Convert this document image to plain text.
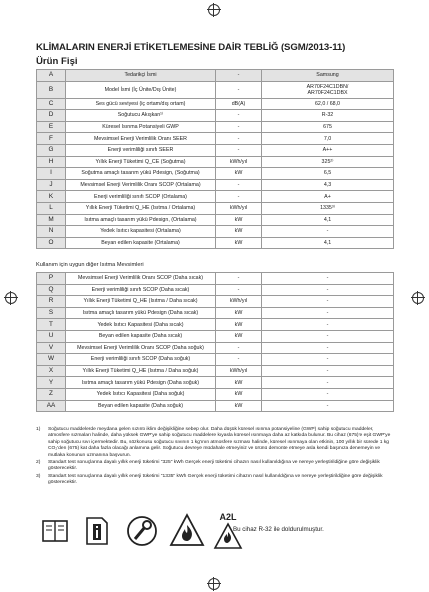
KLİMALARIN ENERJİ ETİKETLEMESİNE DAİR TEBLİĞ (SGM/2013-11)
Ürün Fişi
A	Tedarikçi İsmi	-	Samsung
B	Model İsmi (İç Ünite/Dış Ünite)	-	AR70F24C1DBN/
AR70F24C1DBX
C	Ses gücü seviyesi (iç ortam/dış ortam)	dB(A)	62,0 / 68,0
D	Soğutucu Akışkan¹⁾	-	R-32
E	Küresel Isınma Potansiyeli GWP	-	675
F	Mevsimsel Enerji Verimlilik Oranı SEER	-	7,0
G	Enerji verimliliği sınıfı SEER	-	A++
H	Yıllık Enerji Tüketimi Q_CE (Soğutma)	kWh/yıl	325²⁾
I	Soğutma amaçlı tasarım yükü Pdesign, (Soğutma)	kW	6,5
J	Mevsimsel Enerji Verimlilik Oranı SCOP (Ortalama)	-	4,3
K	Enerji verimliliği sınıfı SCOP (Ortalama)	-	A+
L	Yıllık Enerji Tüketimi Q_HE (Isıtma / Ortalama)	kWh/yıl	1335³⁾
M	Isıtma amaçlı tasarım yükü Pdesign, (Ortalama)	kW	4,1
N	Yedek Isıtıcı kapasitesi (Ortalama)	kW	-
O	Beyan edilen kapasite (Ortalama)	kW	4,1
Kullanım için uygun diğer Isıtma Mevsimleri
P	Mevsimsel Enerji Verimlilik Oranı SCOP (Daha sıcak)	-	-
Q	Enerji verimliliği sınıfı SCOP (Daha sıcak)	-	-
R	Yıllık Enerji Tüketimi Q_HE (Isıtma / Daha sıcak)	kWh/yıl	-
S	Isıtma amaçlı tasarım yükü Pdesign (Daha sıcak)	kW	-
T	Yedek Isıtıcı Kapasitesi (Daha sıcak)	kW	-
U	Beyan edilen kapasite (Daha sıcak)	kW	-
V	Mevsimsel Enerji Verimlilik Oranı SCOP (Daha soğuk)	-	-
W	Enerji verimliliği sınıfı SCOP (Daha soğuk)	-	-
X	Yıllık Enerji Tüketimi Q_HE (Isıtma / Daha soğuk)	kWh/yıl	-
Y	Isıtma amaçlı tasarım yükü Pdesign (Daha soğuk)	kW	-
Z	Yedek Isıtıcı Kapasitesi (Daha soğuk)	kW	-
AA	Beyan edilen kapasite (Daha soğuk)	kW	-
1)	Soğutucu maddelerde meydana gelen sızıntı iklim değişikliğine sebep olur. Daha düşük küresel ısınma potansiyeline (GWP) sahip soğutucu maddeler, atmosfere sızmaları halinde, daha yüksek GWP'ye sahip soğutucu maddelere kıyasla küresel ısınmaya daha az katkıda bulunur. Bu cihaz (675)'e eşit GWP'ye sahip soğutucu sıvı içermektedir. Bu, sözkonusu soğutucu sıvının 1 kg'ının atmosfere sızması halinde, küresel ısınmaya olan etkinin, 100 yıllık bir sürede 1 kg CO₂'den (675) kat daha fazla olacağı anlamına gelir. Soğutucu devreye müdahale etmeyiniz ve ürünü demonte etmeye asla kendi başınıza denemeyin ve mutlaka konunun uzmanına başvurun.
2)	Standart test sonuçlarına dayalı yıllık enerji tüketimi "325" kWh Gerçek enerji tüketimi cihazın nasıl kullanıldığına ve nereye yerleştirildiğine göre değişiklik gösterecektir.
3)	Standart test sonuçlarına dayalı yıllık enerji tüketimi "1335" kWh Gerçek enerji tüketimi cihazın nasıl kullanıldığına ve nereye yerleştirildiğine göre değişiklik gösterecektir.
A2L
Bu cihaz R-32 ile doldurulmuştur.
